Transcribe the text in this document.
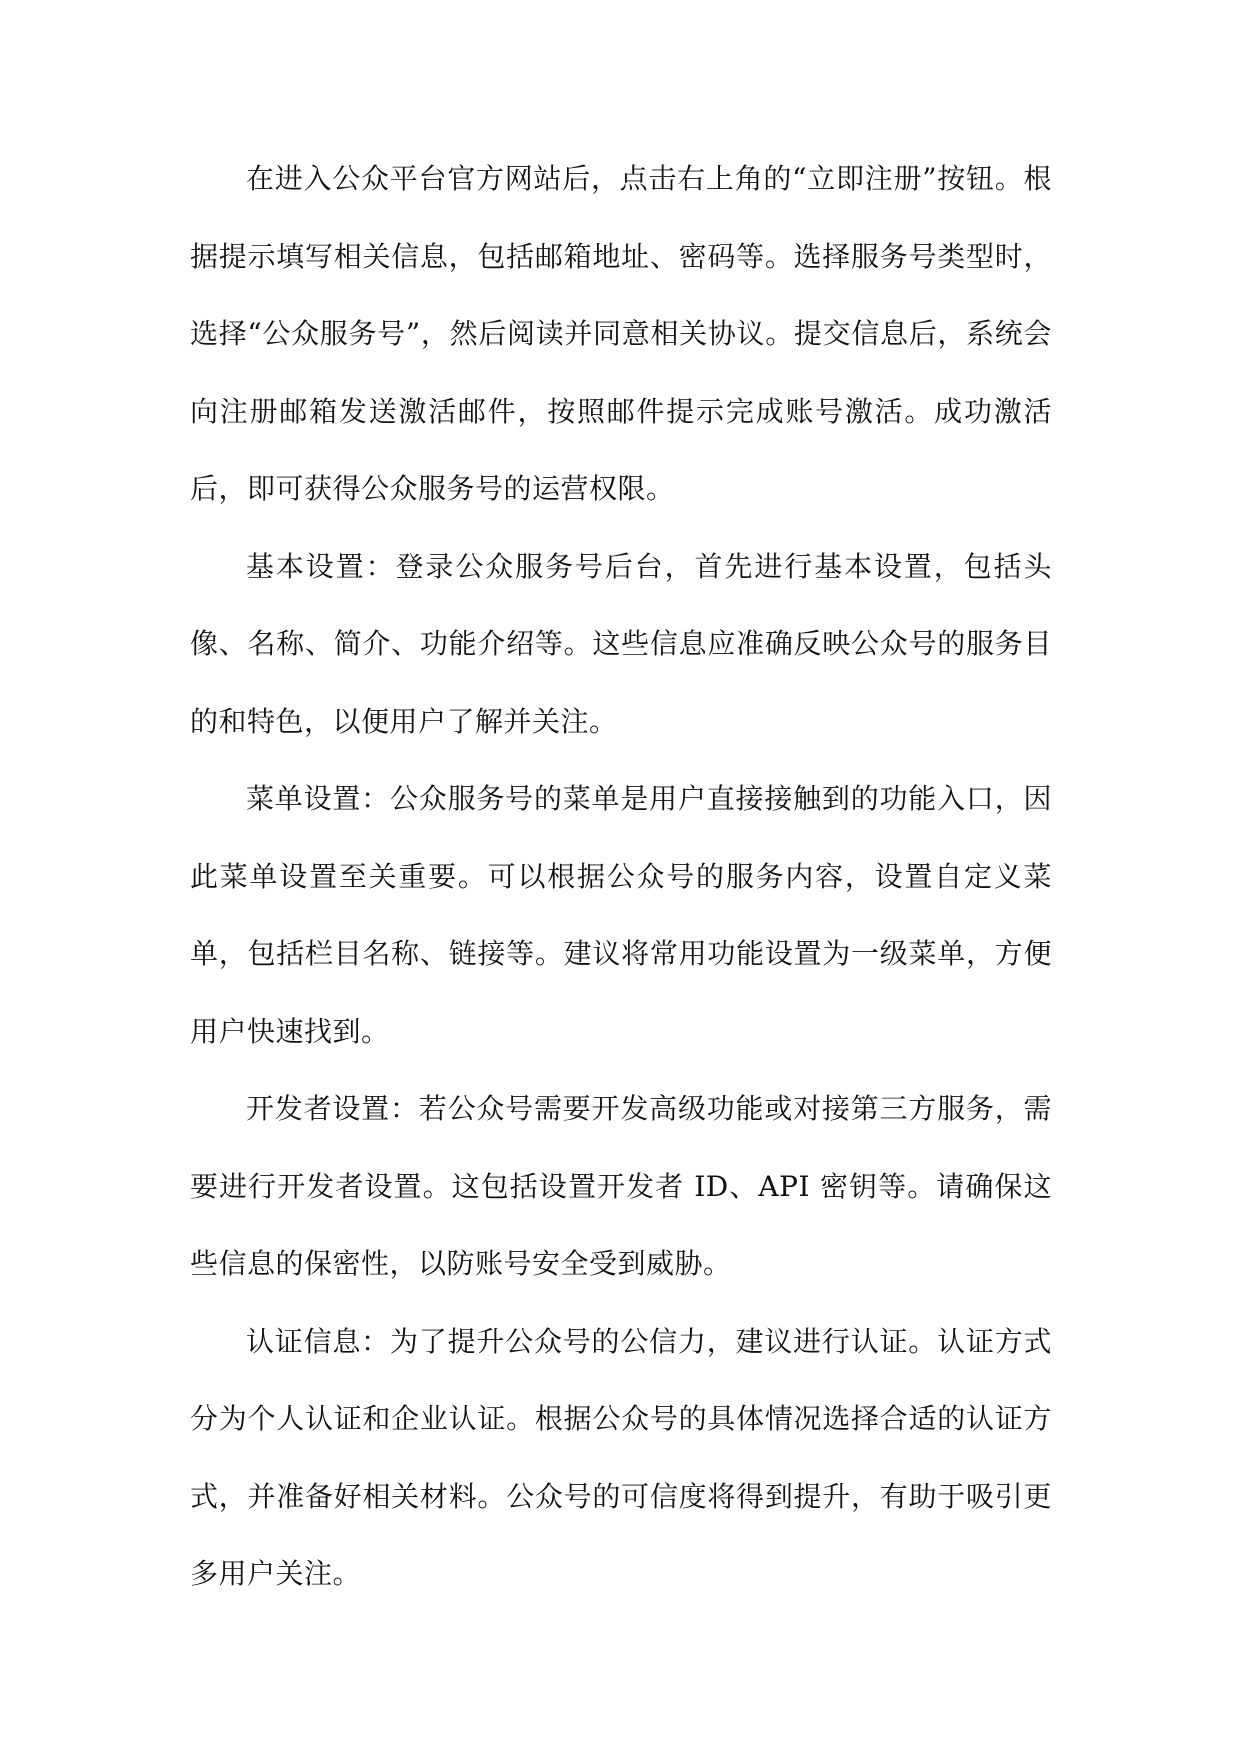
在进入公众平台官方网站后，点击右上角的“立即注册”按钮。根据提示填写相关信息，包括邮箱地址、密码等。选择服务号类型时，选择“公众服务号”，然后阅读并同意相关协议。提交信息后，系统会向注册邮箱发送激活邮件，按照邮件提示完成账号激活。成功激活后，即可获得公众服务号的运营权限。

基本设置：登录公众服务号后台，首先进行基本设置，包括头像、名称、简介、功能介绍等。这些信息应准确反映公众号的服务目的和特色，以便用户了解并关注。

菜单设置：公众服务号的菜单是用户直接接触到的功能入口，因此菜单设置至关重要。可以根据公众号的服务内容，设置自定义菜单，包括栏目名称、链接等。建议将常用功能设置为一级菜单，方便用户快速找到。

开发者设置：若公众号需要开发高级功能或对接第三方服务，需要进行开发者设置。这包括设置开发者 ID、API 密钥等。请确保这些信息的保密性，以防账号安全受到威胁。

认证信息：为了提升公众号的公信力，建议进行认证。认证方式分为个人认证和企业认证。根据公众号的具体情况选择合适的认证方式，并准备好相关材料。公众号的可信度将得到提升，有助于吸引更多用户关注。
